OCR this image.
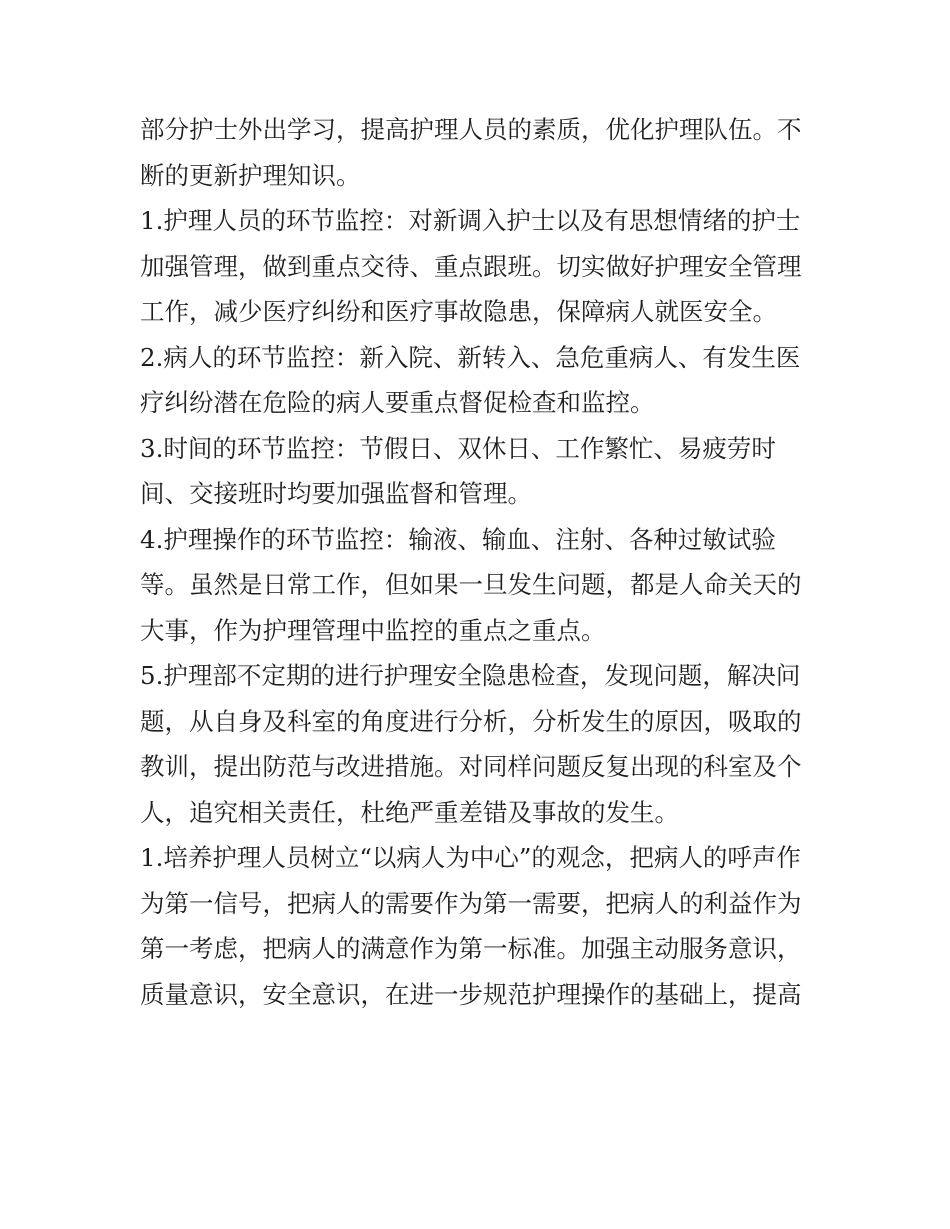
部分护士外出学习，提高护理人员的素质，优化护理队伍。不
断的更新护理知识。
1.护理人员的环节监控：对新调入护士以及有思想情绪的护士
加强管理，做到重点交待、重点跟班。切实做好护理安全管理
工作，减少医疗纠纷和医疗事故隐患，保障病人就医安全。
2.病人的环节监控：新入院、新转入、急危重病人、有发生医
疗纠纷潜在危险的病人要重点督促检查和监控。
3.时间的环节监控：节假日、双休日、工作繁忙、易疲劳时
间、交接班时均要加强监督和管理。
4.护理操作的环节监控：输液、输血、注射、各种过敏试验
等。虽然是日常工作，但如果一旦发生问题，都是人命关天的
大事，作为护理管理中监控的重点之重点。
5.护理部不定期的进行护理安全隐患检查，发现问题，解决问
题，从自身及科室的角度进行分析，分析发生的原因，吸取的
教训，提出防范与改进措施。对同样问题反复出现的科室及个
人，追究相关责任，杜绝严重差错及事故的发生。
1.培养护理人员树立“以病人为中心”的观念，把病人的呼声作
为第一信号，把病人的需要作为第一需要，把病人的利益作为
第一考虑，把病人的满意作为第一标准。加强主动服务意识，
质量意识，安全意识，在进一步规范护理操作的基础上，提高
